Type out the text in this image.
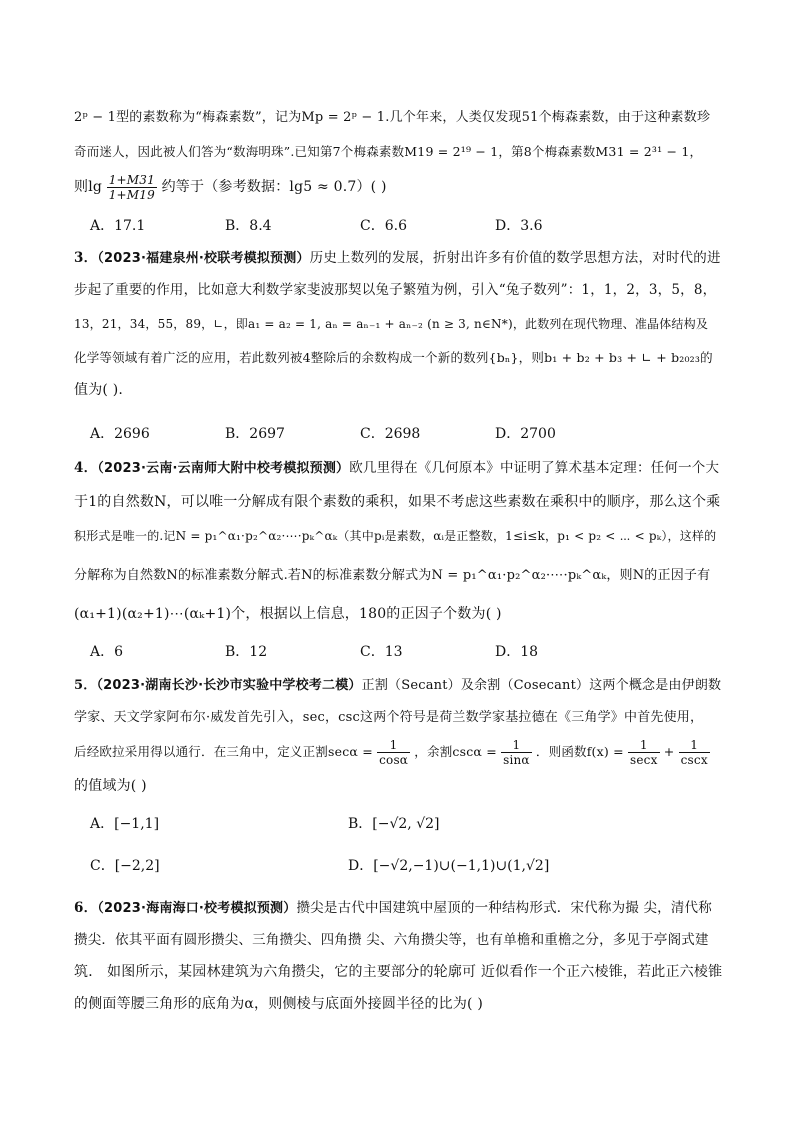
2ᵖ − 1型的素数称为“梅森素数”，记为Mp = 2ᵖ − 1.几个年来，人类仅发现51个梅森素数，由于这种素数珍
奇而迷人，因此被人们答为“数海明珠”.已知第7个梅森素数M19 = 2¹⁹ − 1，第8个梅森素数M31 = 2³¹ − 1，
则$\lg \frac{1+M31}{1+M19}$ 约等于（参考数据：lg5 ≈ 0.7）( )
A．17.1	B．8.4	C．6.6	D．3.6
3．（2023·福建泉州·校联考模拟预测）历史上数列的发展，折射出许多有价值的数学思想方法，对时代的进
步起了重要的作用，比如意大利数学家斐波那契以兔子繁殖为例，引入“兔子数列”：1，1，2，3，5，8，
13，21，34，55，89，∟，即a₁ = a₂ = 1, aₙ = aₙ₋₁ + aₙ₋₂ (n ≥ 3, n∈N*)，此数列在现代物理、准晶体结构及
化学等领域有着广泛的应用，若此数列被4整除后的余数构成一个新的数列{bₙ}，则b₁ + b₂ + b₃ + ∟ + b₂₀₂₃的
值为( ).
A．2696	B．2697	C．2698	D．2700
4．（2023·云南·云南师大附中校考模拟预测）欧几里得在《几何原本》中证明了算术基本定理：任何一个大
于1的自然数N，可以唯一分解成有限个素数的乘积，如果不考虑这些素数在乘积中的顺序，那么这个乘
积形式是唯一的.记N = p₁^α₁·p₂^α₂·⋯·pₖ^αₖ（其中pᵢ是素数，αᵢ是正整数，1≤i≤k，p₁ < p₂ < ⋯ < pₖ），这样的
分解称为自然数N的标准素数分解式.若N的标准素数分解式为N = p₁^α₁·p₂^α₂·⋯·pₖ^αₖ，则N的正因子有
(α₁+1)(α₂+1)⋯(αₖ+1)个，根据以上信息，180的正因子个数为( )
A．6	B．12	C．13	D．18
5．（2023·湖南长沙·长沙市实验中学校考二模）正割（Secant）及余割（Cosecant）这两个概念是由伊朗数
学家、天文学家阿布尔·威发首先引入，sec，csc这两个符号是荷兰数学家基拉德在《三角学》中首先使用，
后经欧拉采用得以通行．在三角中，定义正割$\sec\alpha = \frac{1}{\cos\alpha}$ ，余割$\csc\alpha = \frac{1}{\sin\alpha}$ ．则函数$f(x) = \frac{1}{\sec x} + \frac{1}{\csc x}$
的值域为( )
A．[−1,1]	B．[−√2, √2]
C．[−2,2]	D．[−√2,−1)∪(−1,1)∪(1,√2]
6．（2023·海南海口·校考模拟预测）攒尖是古代中国建筑中屋顶的一种结构形式．宋代称为撮 尖，清代称
攒尖．依其平面有圆形攒尖、三角攒尖、四角攒 尖、六角攒尖等，也有单檐和重檐之分，多见于亭阁式建
筑． 如图所示，某园林建筑为六角攒尖，它的主要部分的轮廓可 近似看作一个正六棱锥，若此正六棱锥
的侧面等腰三角形的底角为α，则侧棱与底面外接圆半径的比为( )
